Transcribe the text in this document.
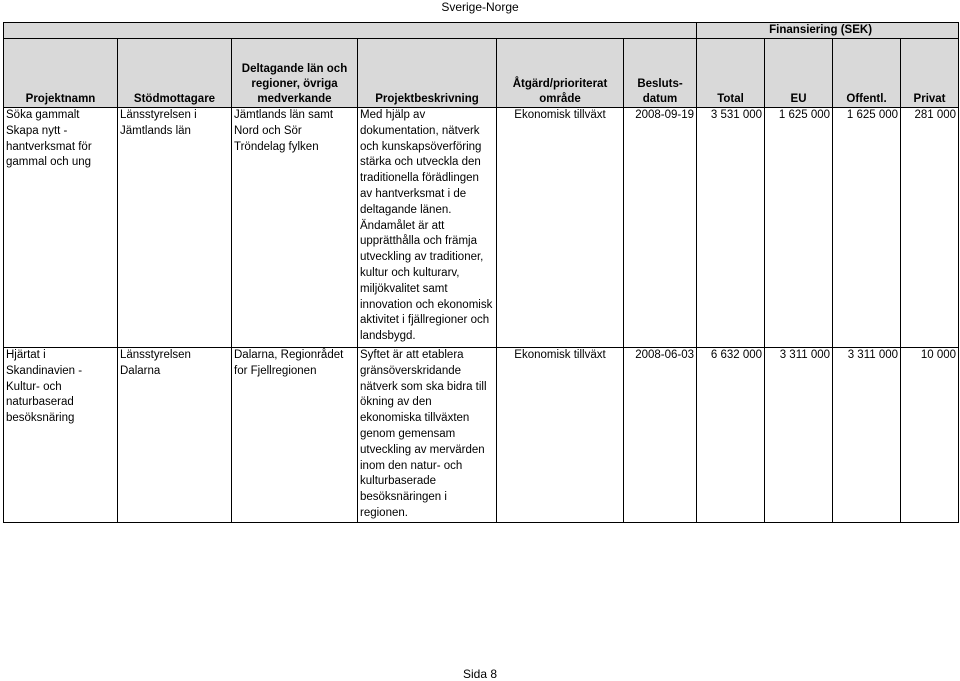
Sverige-Norge
						Finansiering (SEK)			
Projektnamn	Stödmottagare	Deltagande län och regioner, övriga medverkande	Projektbeskrivning	Åtgärd/prioriterat område	Besluts-datum	Total	EU	Offentl.	Privat
Söka gammalt Skapa nytt - hantverksmat för gammal och ung	Länsstyrelsen i Jämtlands län	Jämtlands län samt Nord och Sör Tröndelag fylken	Med hjälp av dokumentation, nätverk och kunskapsöverföring stärka och utveckla den traditionella förädlingen av hantverksmat i de deltagande länen. Ändamålet är att upprätthålla och främja utveckling av traditioner, kultur och kulturarv, miljökvalitet samt innovation och ekonomisk aktivitet i fjällregioner och landsbygd.	Ekonomisk tillväxt	2008-09-19	3 531 000	1 625 000	1 625 000	281 000
Hjärtat i Skandinavien - Kultur- och naturbaserad besöksnäring	Länsstyrelsen Dalarna	Dalarna, Regionrådet for Fjellregionen	Syftet är att etablera gränsöverskridande nätverk som ska bidra till ökning av den ekonomiska tillväxten genom gemensam utveckling av mervärden inom den natur- och kulturbaserade besöksnäringen i regionen.	Ekonomisk tillväxt	2008-06-03	6 632 000	3 311 000	3 311 000	10 000
Sida 8
